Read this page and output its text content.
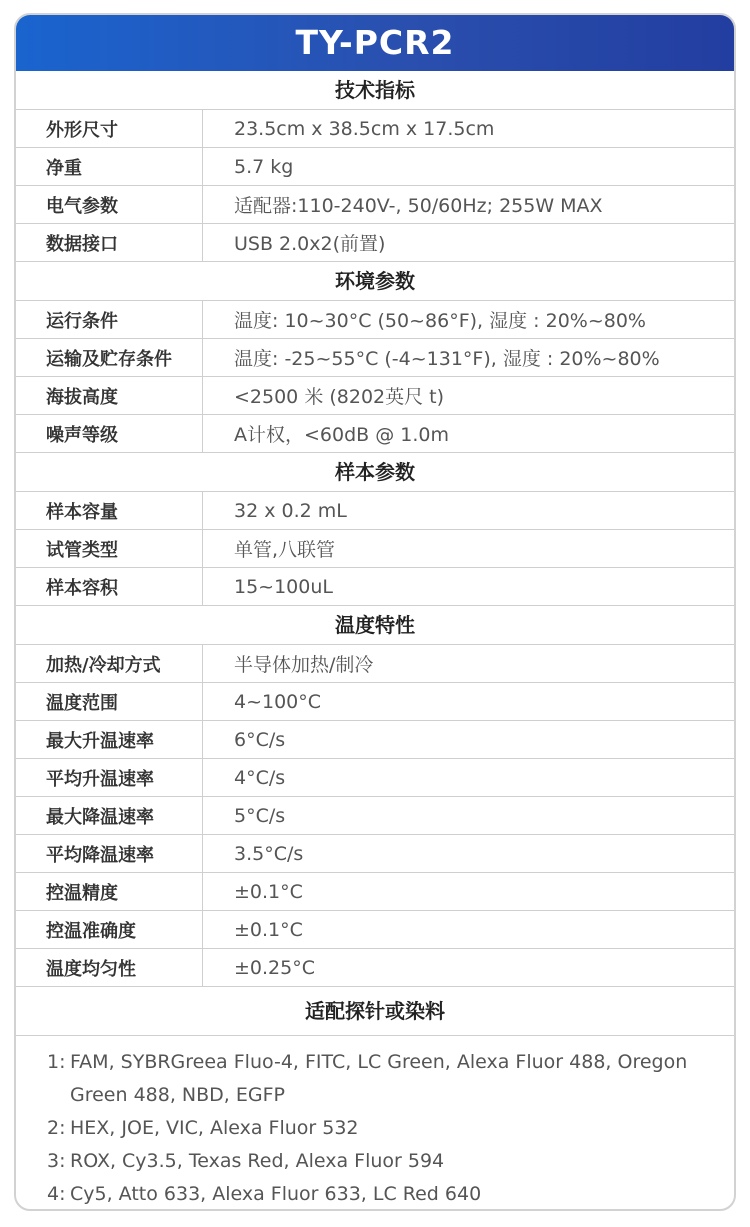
TY-PCR2
技术指标
外形尺寸	23.5cm x 38.5cm x 17.5cm
净重	5.7 kg
电气参数	适配器:110-240V-, 50/60Hz; 255W MAX
数据接口	USB 2.0x2(前置)
环境参数
运行条件	温度: 10~30°C (50~86°F), 湿度 : 20%~80%
运输及贮存条件	温度: -25~55°C (-4~131°F), 湿度 : 20%~80%
海拔高度	<2500 米 (8202英尺 t)
噪声等级	A计权，<60dB @ 1.0m
样本参数
样本容量	32 x 0.2 mL
试管类型	单管,八联管
样本容积	15~100uL
温度特性
加热/冷却方式	半导体加热/制冷
温度范围	4~100°C
最大升温速率	6°C/s
平均升温速率	4°C/s
最大降温速率	5°C/s
平均降温速率	3.5°C/s
控温精度	±0.1°C
控温准确度	±0.1°C
温度均匀性	±0.25°C
适配探针或染料
1: FAM, SYBRGreea Fluo-4, FITC, LC Green, Alexa Fluor 488, Oregon Green 488, NBD, EGFP
2: HEX, JOE, VIC, Alexa Fluor 532
3: ROX, Cy3.5, Texas Red, Alexa Fluor 594
4: Cy5, Atto 633, Alexa Fluor 633, LC Red 640
